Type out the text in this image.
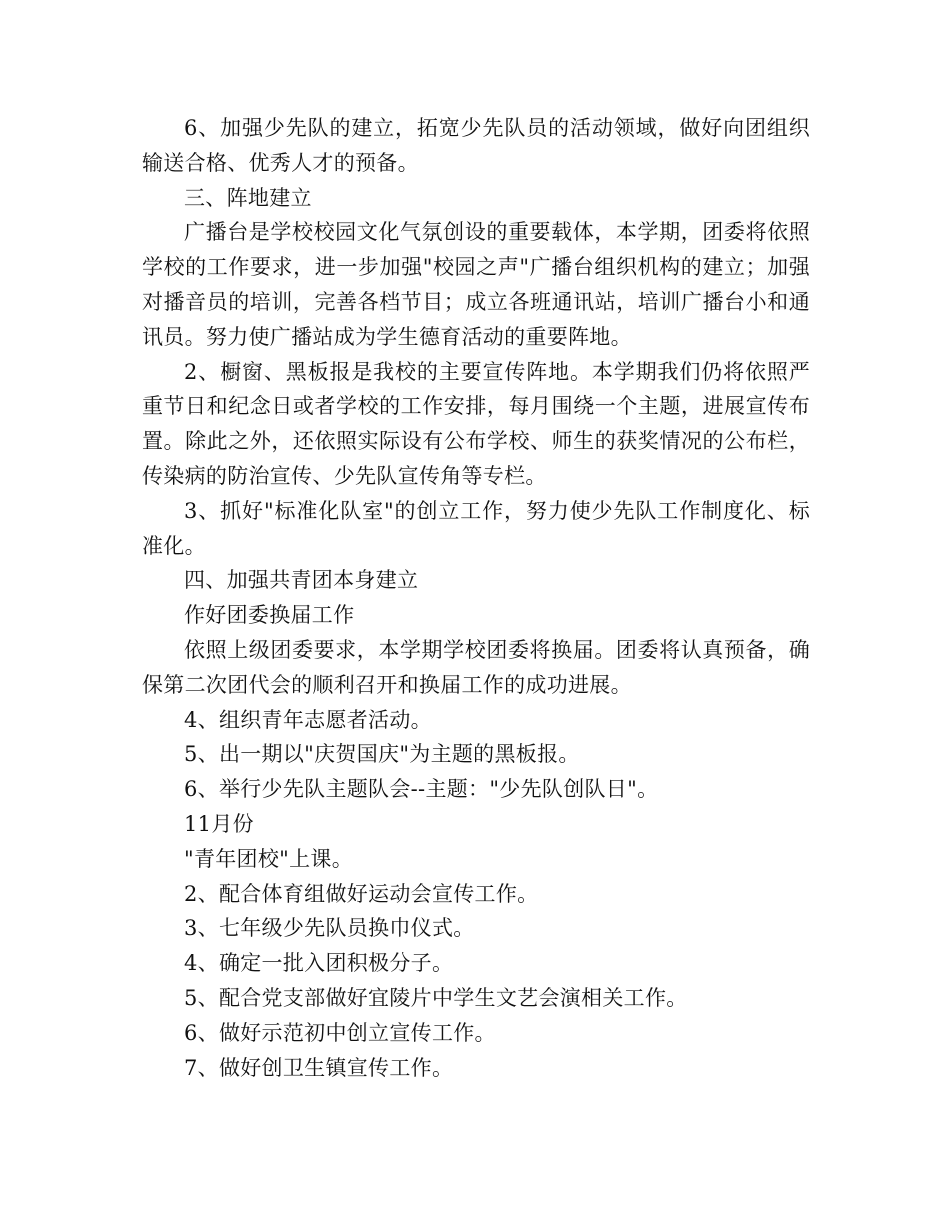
6、加强少先队的建立，拓宽少先队员的活动领域，做好向团组织输送合格、优秀人才的预备。

三、阵地建立

广播台是学校校园文化气氛创设的重要载体，本学期，团委将依照学校的工作要求，进一步加强"校园之声"广播台组织机构的建立；加强对播音员的培训，完善各档节目；成立各班通讯站，培训广播台小和通讯员。努力使广播站成为学生德育活动的重要阵地。

2、橱窗、黑板报是我校的主要宣传阵地。本学期我们仍将依照严重节日和纪念日或者学校的工作安排，每月围绕一个主题，进展宣传布置。除此之外，还依照实际设有公布学校、师生的获奖情况的公布栏，传染病的防治宣传、少先队宣传角等专栏。

3、抓好"标准化队室"的创立工作，努力使少先队工作制度化、标准化。

四、加强共青团本身建立

作好团委换届工作

依照上级团委要求，本学期学校团委将换届。团委将认真预备，确保第二次团代会的顺利召开和换届工作的成功进展。

4、组织青年志愿者活动。

5、出一期以"庆贺国庆"为主题的黑板报。

6、举行少先队主题队会--主题："少先队创队日"。

11月份

"青年团校"上课。

2、配合体育组做好运动会宣传工作。

3、七年级少先队员换巾仪式。

4、确定一批入团积极分子。

5、配合党支部做好宜陵片中学生文艺会演相关工作。

6、做好示范初中创立宣传工作。

7、做好创卫生镇宣传工作。
